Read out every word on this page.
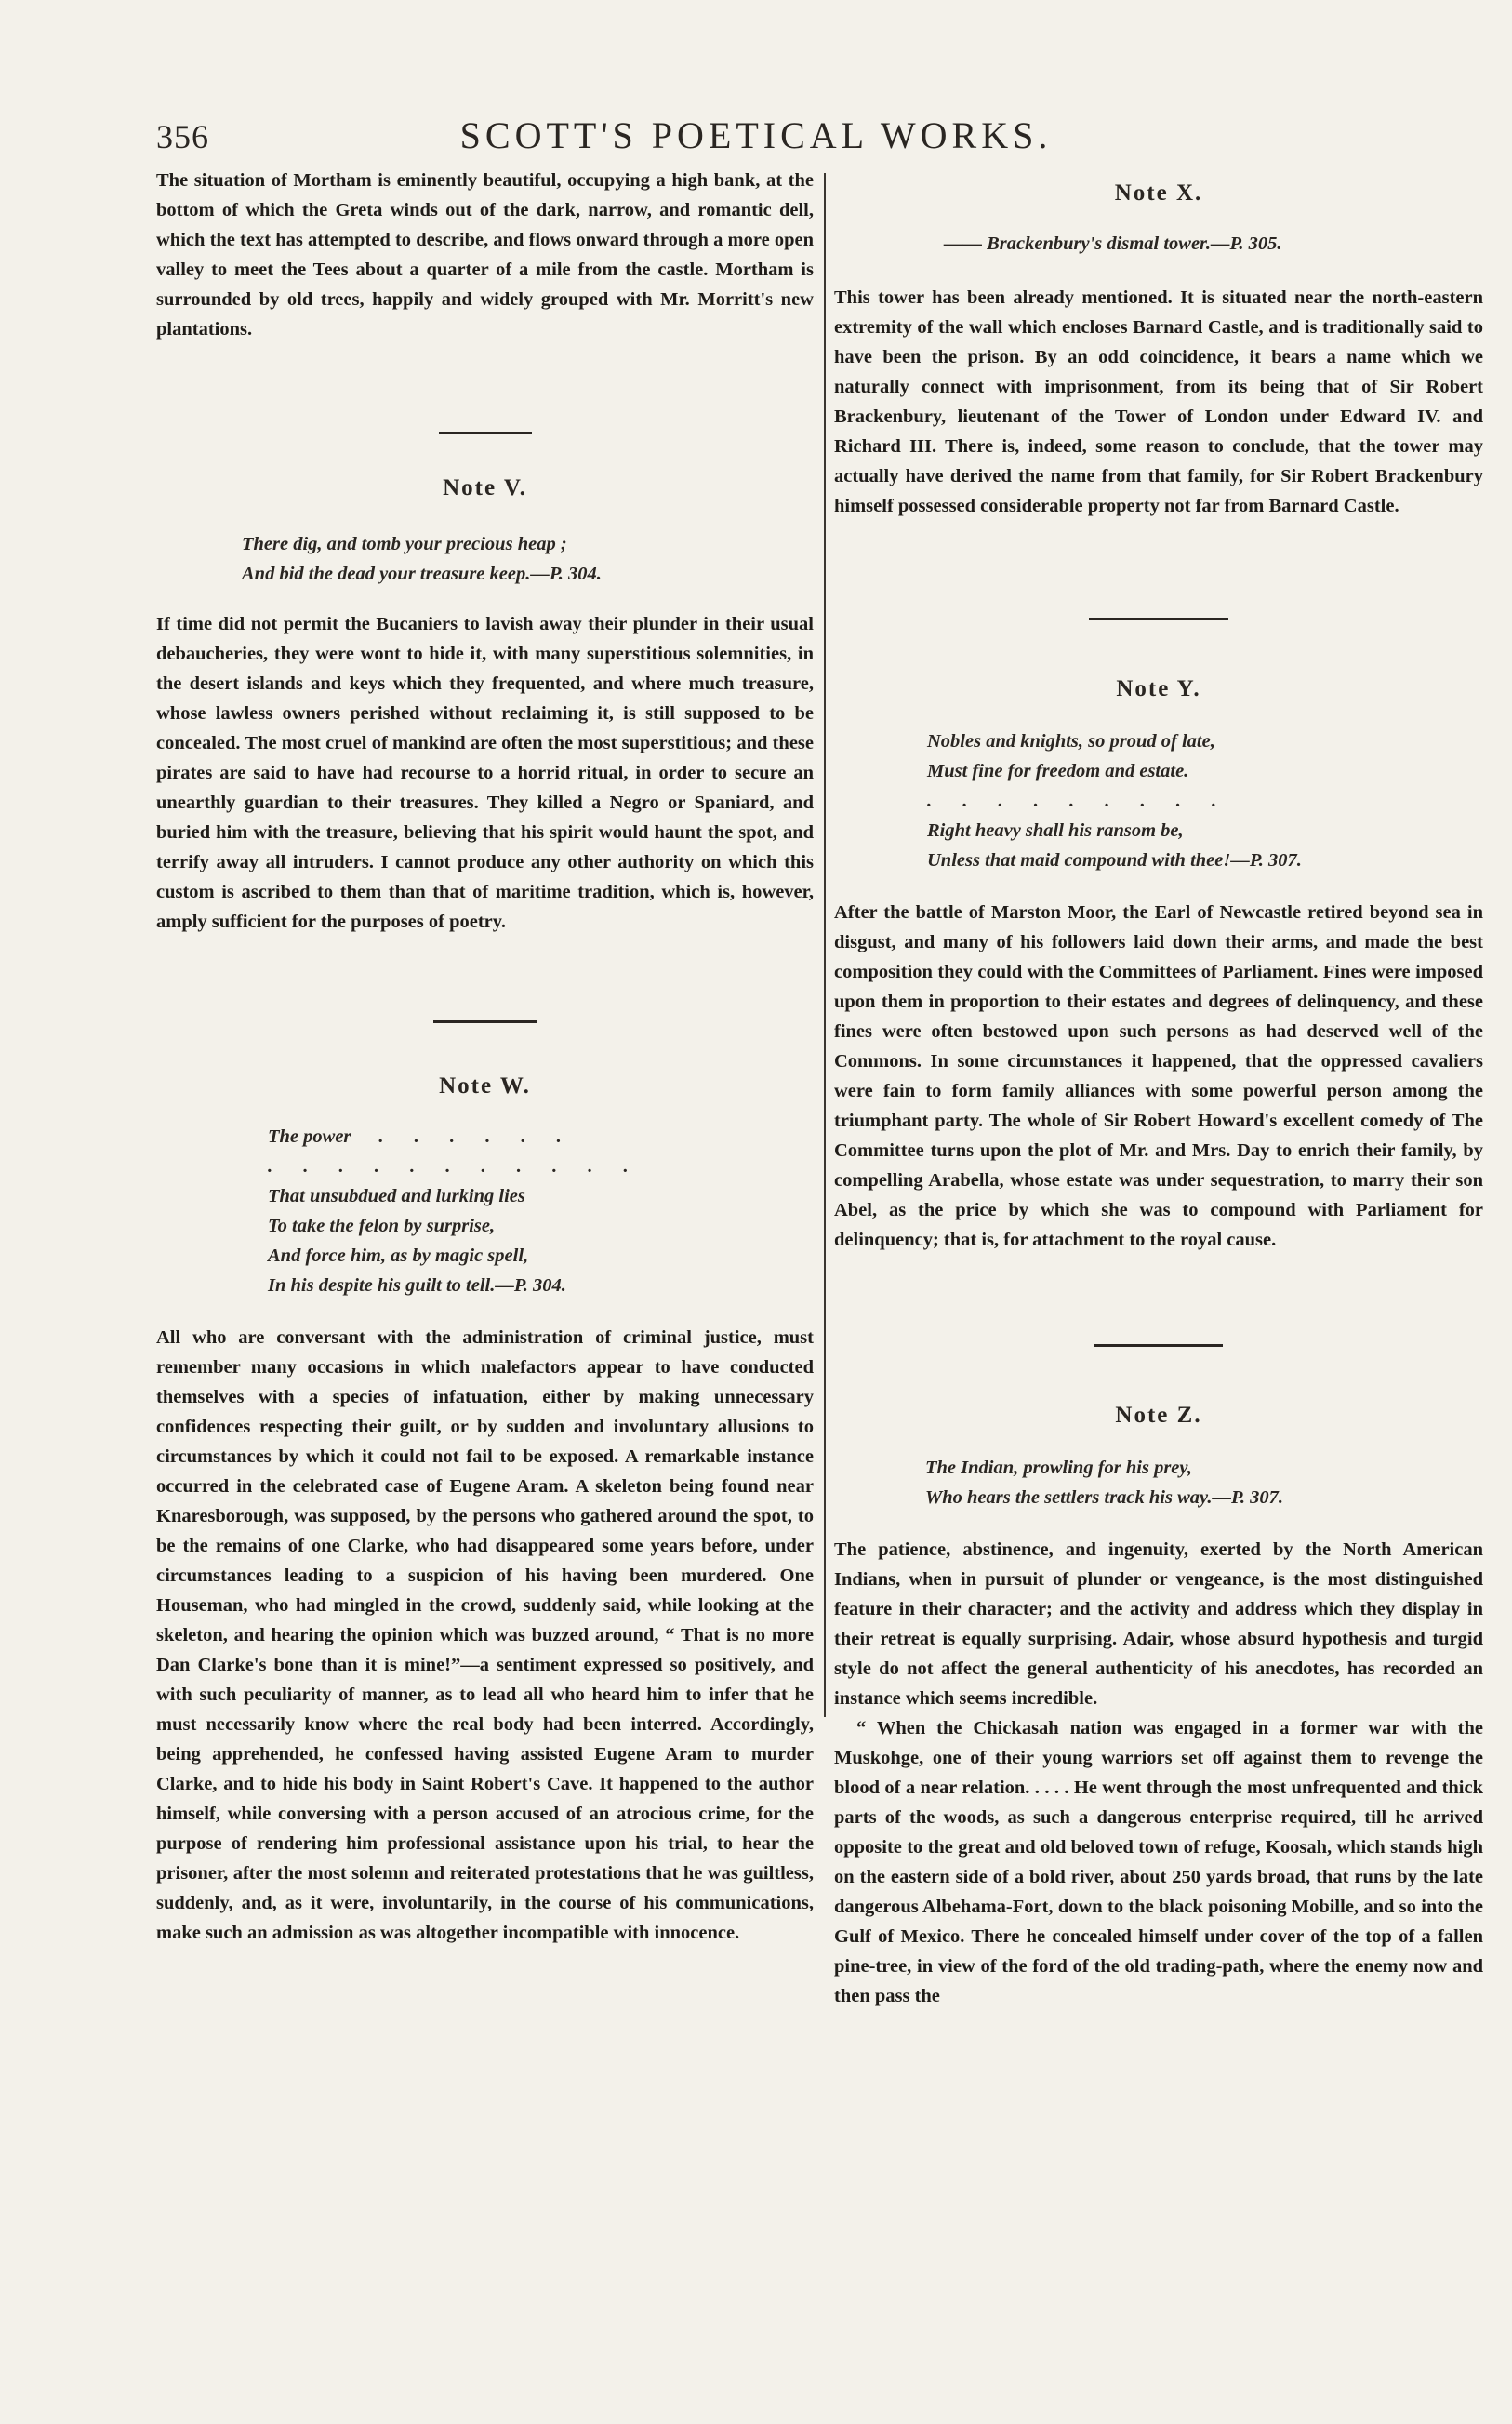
356	SCOTT'S POETICAL WORKS.

The situation of Mortham is eminently beautiful, occupying a high bank, at the bottom of which the Greta winds out of the dark, narrow, and romantic dell, which the text has attempted to describe, and flows onward through a more open valley to meet the Tees about a quarter of a mile from the castle. Mortham is surrounded by old trees, happily and widely grouped with Mr. Morritt's new plantations.

Note V.
There dig, and tomb your precious heap ;
And bid the dead your treasure keep.—P. 304.

If time did not permit the Bucaniers to lavish away their plunder in their usual debaucheries, they were wont to hide it, with many superstitious solemnities, in the desert islands and keys which they frequented, and where much treasure, whose lawless owners perished without reclaiming it, is still supposed to be concealed. The most cruel of mankind are often the most superstitious; and these pirates are said to have had recourse to a horrid ritual, in order to secure an unearthly guardian to their treasures. They killed a Negro or Spaniard, and buried him with the treasure, believing that his spirit would haunt the spot, and terrify away all intruders. I cannot produce any other authority on which this custom is ascribed to them than that of maritime tradition, which is, however, amply sufficient for the purposes of poetry.

Note W.
The power . . . . . .
. . . . . . . . . . .
That unsubdued and lurking lies
To take the felon by surprise,
And force him, as by magic spell,
In his despite his guilt to tell.—P. 304.

All who are conversant with the administration of criminal justice, must remember many occasions in which malefactors appear to have conducted themselves with a species of infatuation, either by making unnecessary confidences respecting their guilt, or by sudden and involuntary allusions to circumstances by which it could not fail to be exposed. A remarkable instance occurred in the celebrated case of Eugene Aram. A skeleton being found near Knaresborough, was supposed, by the persons who gathered around the spot, to be the remains of one Clarke, who had disappeared some years before, under circumstances leading to a suspicion of his having been murdered. One Houseman, who had mingled in the crowd, suddenly said, while looking at the skeleton, and hearing the opinion which was buzzed around, “ That is no more Dan Clarke's bone than it is mine!”—a sentiment expressed so positively, and with such peculiarity of manner, as to lead all who heard him to infer that he must necessarily know where the real body had been interred. Accordingly, being apprehended, he confessed having assisted Eugene Aram to murder Clarke, and to hide his body in Saint Robert's Cave. It happened to the author himself, while conversing with a person accused of an atrocious crime, for the purpose of rendering him professional assistance upon his trial, to hear the prisoner, after the most solemn and reiterated protestations that he was guiltless, suddenly, and, as it were, involuntarily, in the course of his communications, make such an admission as was altogether incompatible with innocence.

Note X.
—— Brackenbury's dismal tower.—P. 305.

This tower has been already mentioned. It is situated near the north-eastern extremity of the wall which encloses Barnard Castle, and is traditionally said to have been the prison. By an odd coincidence, it bears a name which we naturally connect with imprisonment, from its being that of Sir Robert Brackenbury, lieutenant of the Tower of London under Edward IV. and Richard III. There is, indeed, some reason to conclude, that the tower may actually have derived the name from that family, for Sir Robert Brackenbury himself possessed considerable property not far from Barnard Castle.

Note Y.
Nobles and knights, so proud of late,
Must fine for freedom and estate.
. . . . . . . . .
Right heavy shall his ransom be,
Unless that maid compound with thee!—P. 307.

After the battle of Marston Moor, the Earl of Newcastle retired beyond sea in disgust, and many of his followers laid down their arms, and made the best composition they could with the Committees of Parliament. Fines were imposed upon them in proportion to their estates and degrees of delinquency, and these fines were often bestowed upon such persons as had deserved well of the Commons. In some circumstances it happened, that the oppressed cavaliers were fain to form family alliances with some powerful person among the triumphant party. The whole of Sir Robert Howard's excellent comedy of The Committee turns upon the plot of Mr. and Mrs. Day to enrich their family, by compelling Arabella, whose estate was under sequestration, to marry their son Abel, as the price by which she was to compound with Parliament for delinquency; that is, for attachment to the royal cause.

Note Z.
The Indian, prowling for his prey,
Who hears the settlers track his way.—P. 307.

The patience, abstinence, and ingenuity, exerted by the North American Indians, when in pursuit of plunder or vengeance, is the most distinguished feature in their character; and the activity and address which they display in their retreat is equally surprising. Adair, whose absurd hypothesis and turgid style do not affect the general authenticity of his anecdotes, has recorded an instance which seems incredible.

“ When the Chickasah nation was engaged in a former war with the Muskohge, one of their young warriors set off against them to revenge the blood of a near relation. . . . . He went through the most unfrequented and thick parts of the woods, as such a dangerous enterprise required, till he arrived opposite to the great and old beloved town of refuge, Koosah, which stands high on the eastern side of a bold river, about 250 yards broad, that runs by the late dangerous Albehama-Fort, down to the black poisoning Mobille, and so into the Gulf of Mexico. There he concealed himself under cover of the top of a fallen pine-tree, in view of the ford of the old trading-path, where the enemy now and then pass the
